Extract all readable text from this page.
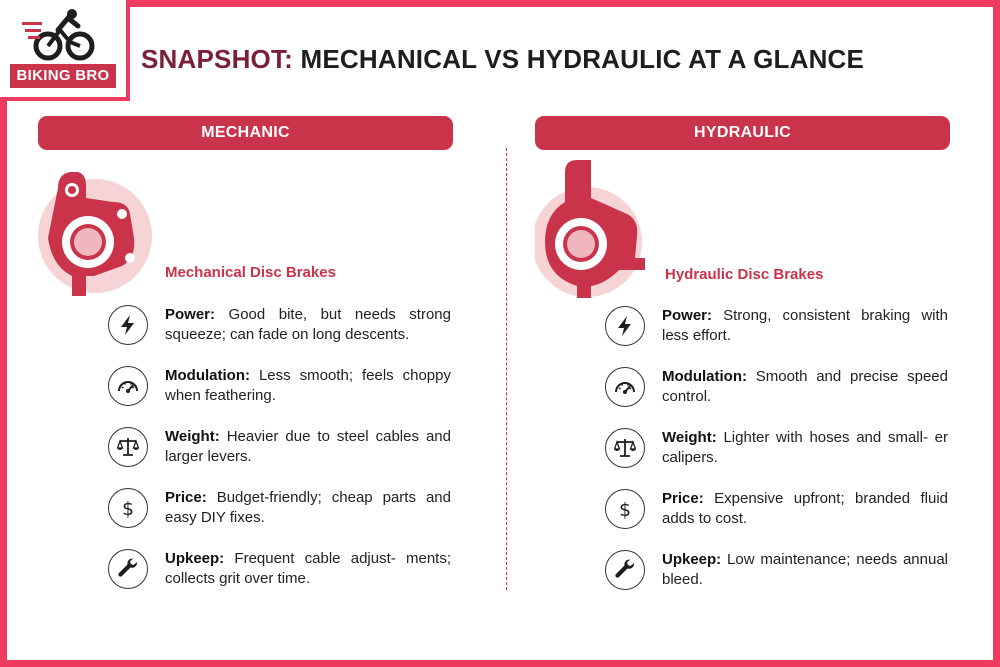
BIKING BRO
SNAPSHOT: MECHANICAL VS HYDRAULIC AT A GLANCE
MECHANIC
Mechanical Disc Brakes
Power: Good bite, but needs strong squeeze; can fade on long descents.
Modulation: Less smooth; feels choppy when feathering.
Weight: Heavier due to steel cables and larger levers.
$
Price: Budget-friendly; cheap parts and easy DIY fixes.
Upkeep: Frequent cable adjust- ments; collects grit over time.
HYDRAULIC
Hydraulic Disc Brakes
Power: Strong, consistent braking with less effort.
Modulation: Smooth and precise speed control.
Weight: Lighter with hoses and small- er calipers.
$
Price: Expensive upfront; branded fluid adds to cost.
Upkeep: Low maintenance; needs annual bleed.
